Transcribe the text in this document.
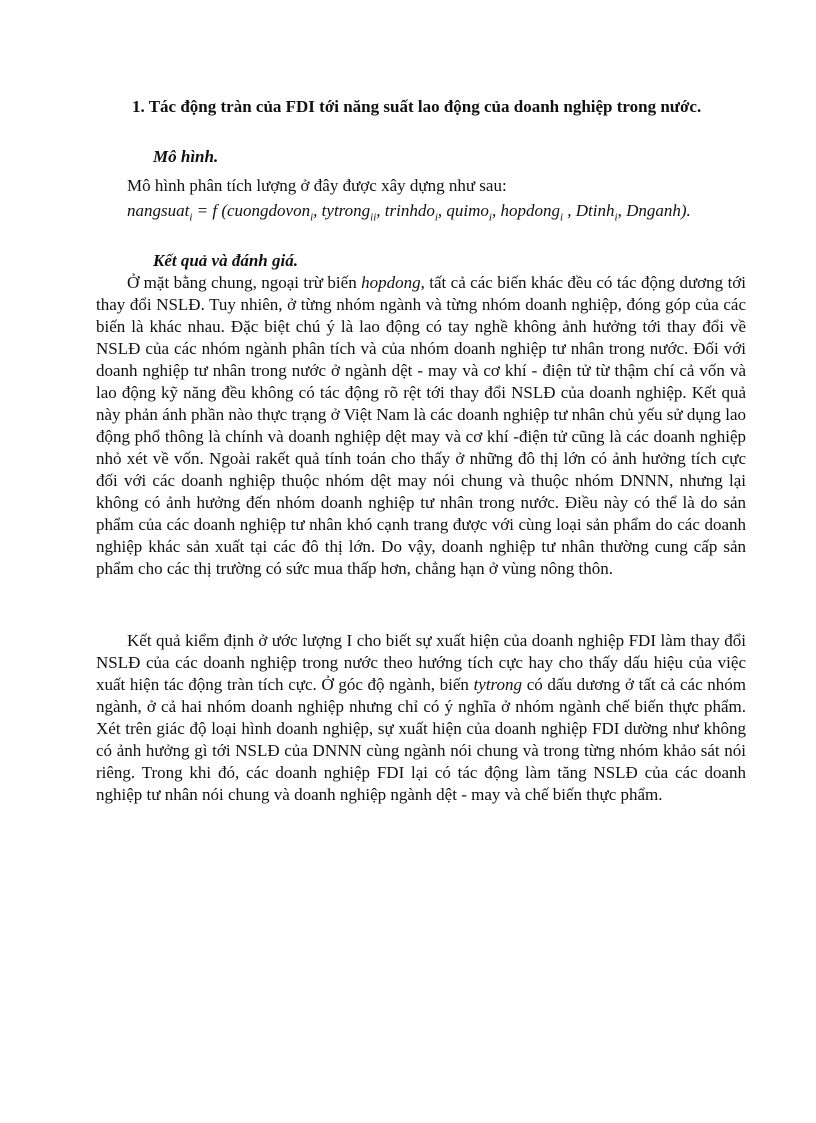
1. Tác động tràn của FDI tới năng suất lao động của doanh nghiệp trong nước.

Mô hình.

Mô hình phân tích lượng ở đây được xây dựng như sau:

nangsuat$_i$ = f (cuongdovon$_i$, tytrong$_{ii}$, trinhdo$_i$, quimo$_i$, hopdong$_i$ , Dtinh$_i$, Dnganh).

Kết quả và đánh giá.

Ở mặt bằng chung, ngoại trừ biến hopdong, tất cả các biến khác đều có tác động dương tới thay đổi NSLĐ. Tuy nhiên, ở từng nhóm ngành và từng nhóm doanh nghiệp, đóng góp của các biến là khác nhau. Đặc biệt chú ý là lao động có tay nghề không ảnh hưởng tới thay đổi về NSLĐ của các nhóm ngành phân tích và của nhóm doanh nghiệp tư nhân trong nước. Đối với doanh nghiệp tư nhân trong nước ở ngành dệt - may và cơ khí - điện tử từ thậm chí cả vốn và lao động kỹ năng đều không có tác động rõ rệt tới thay đổi NSLĐ của doanh nghiệp. Kết quả này phản ánh phần nào thực trạng ở Việt Nam là các doanh nghiệp tư nhân chủ yếu sử dụng lao động phổ thông là chính và doanh nghiệp dệt may và cơ khí -điện tử cũng là các doanh nghiệp nhỏ xét về vốn. Ngoài rakết quả tính toán cho thấy ở những đô thị lớn có ảnh hưởng tích cực đối với các doanh nghiệp thuộc nhóm dệt may nói chung và thuộc nhóm DNNN, nhưng lại không có ảnh hưởng đến nhóm doanh nghiệp tư nhân trong nước. Điều này có thể là do sản phẩm của các doanh nghiệp tư nhân khó cạnh trang được với cùng loại sản phẩm do các doanh nghiệp khác sản xuất tại các đô thị lớn. Do vậy, doanh nghiệp tư nhân thường cung cấp sản phẩm cho các thị trường có sức mua thấp hơn, chẳng hạn ở vùng nông thôn.

Kết quả kiểm định ở ước lượng I cho biết sự xuất hiện của doanh nghiệp FDI làm thay đổi NSLĐ của các doanh nghiệp trong nước theo hướng tích cực hay cho thấy dấu hiệu của việc xuất hiện tác động tràn tích cực. Ở góc độ ngành, biến tytrong có dấu dương ở tất cả các nhóm ngành, ở cả hai nhóm doanh nghiệp nhưng chỉ có ý nghĩa ở nhóm ngành chế biến thực phẩm. Xét trên giác độ loại hình doanh nghiệp, sự xuất hiện của doanh nghiệp FDI dường như không có ảnh hưởng gì tới NSLĐ của DNNN cùng ngành nói chung và trong từng nhóm khảo sát nói riêng. Trong khi đó, các doanh nghiệp FDI lại có tác động làm tăng NSLĐ của các doanh nghiệp tư nhân nói chung và doanh nghiệp ngành dệt - may và chế biến thực phẩm.
